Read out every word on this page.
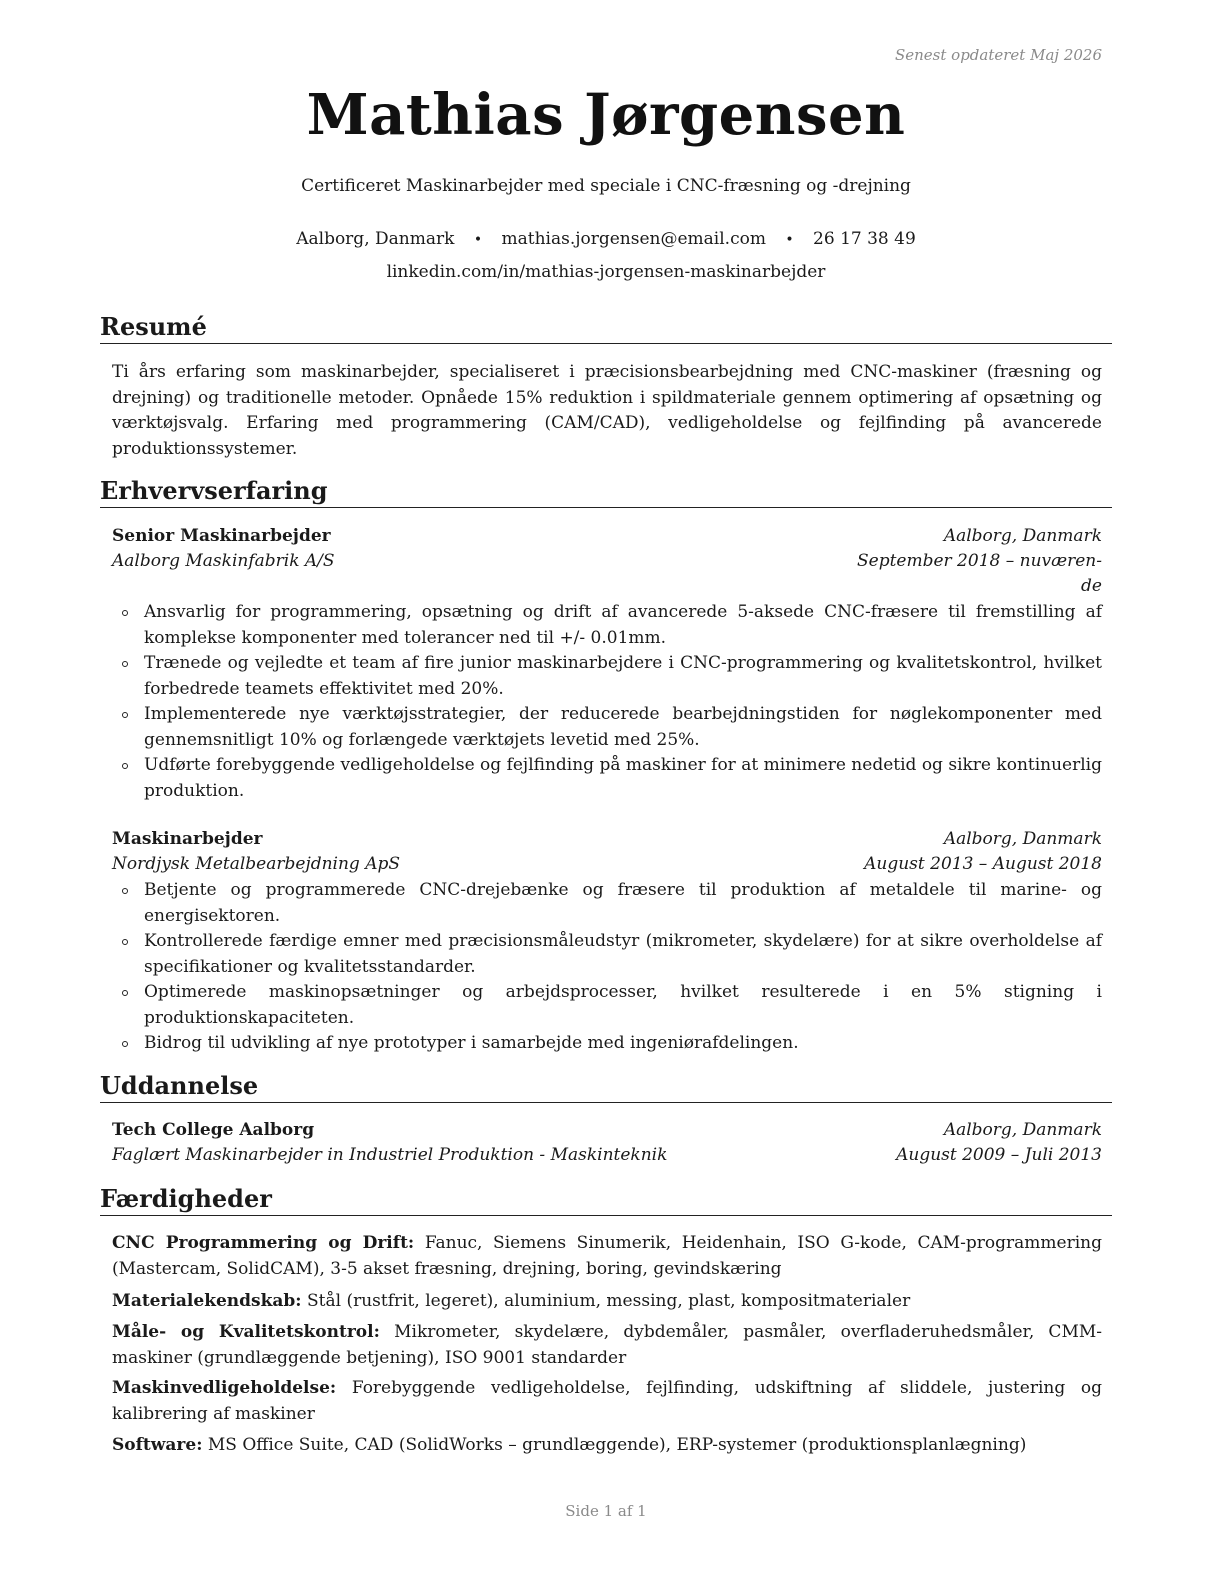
Senest opdateret Maj 2026
Mathias Jørgensen
Certificeret Maskinarbejder med speciale i CNC-fræsning og -drejning
Aalborg, Danmark • mathias.jorgensen@email.com • 26 17 38 49
linkedin.com/in/mathias-jorgensen-maskinarbejder
Resumé
Ti års erfaring som maskinarbejder, specialiseret i præcisionsbearbejdning med CNC-maskiner (fræsning og drejning) og traditionelle metoder. Opnåede 15% reduktion i spildmateriale gennem optimering af opsætning og værktøjsvalg. Erfaring med programmering (CAM/CAD), vedligeholdelse og fejlfinding på avancerede produktionssystemer.
Erhvervserfaring
Senior Maskinarbejder	Aalborg, Danmark
Aalborg Maskinfabrik A/S	September 2018 – nuværen-
de
Ansvarlig for programmering, opsætning og drift af avancerede 5-aksede CNC-fræsere til fremstilling af komplekse komponenter med tolerancer ned til +/- 0.01mm.
Trænede og vejledte et team af fire junior maskinarbejdere i CNC-programmering og kvalitetskontrol, hvilket forbedrede teamets effektivitet med 20%.
Implementerede nye værktøjsstrategier, der reducerede bearbejdningstiden for nøglekomponenter med gennemsnitligt 10% og forlængede værktøjets levetid med 25%.
Udførte forebyggende vedligeholdelse og fejlfinding på maskiner for at minimere nedetid og sikre kontinuerlig produktion.
Maskinarbejder	Aalborg, Danmark
Nordjysk Metalbearbejdning ApS	August 2013 – August 2018
Betjente og programmerede CNC-drejebænke og fræsere til produktion af metaldele til marine- og energisektoren.
Kontrollerede færdige emner med præcisionsmåleudstyr (mikrometer, skydelære) for at sikre overholdelse af specifikationer og kvalitetsstandarder.
Optimerede maskinopsætninger og arbejdsprocesser, hvilket resulterede i en 5% stigning i produktionskapaciteten.
Bidrog til udvikling af nye prototyper i samarbejde med ingeniørafdelingen.
Uddannelse
Tech College Aalborg	Aalborg, Danmark
Faglært Maskinarbejder in Industriel Produktion - Maskinteknik	August 2009 – Juli 2013
Færdigheder
CNC Programmering og Drift: Fanuc, Siemens Sinumerik, Heidenhain, ISO G-kode, CAM-programmering (Mastercam, SolidCAM), 3-5 akset fræsning, drejning, boring, gevindskæring
Materialekendskab: Stål (rustfrit, legeret), aluminium, messing, plast, kompositmaterialer
Måle- og Kvalitetskontrol: Mikrometer, skydelære, dybdemåler, pasmåler, overfladeruhedsmåler, CMM-maskiner (grundlæggende betjening), ISO 9001 standarder
Maskinvedligeholdelse: Forebyggende vedligeholdelse, fejlfinding, udskiftning af sliddele, justering og kalibrering af maskiner
Software: MS Office Suite, CAD (SolidWorks – grundlæggende), ERP-systemer (produktionsplanlægning)
Side 1 af 1
